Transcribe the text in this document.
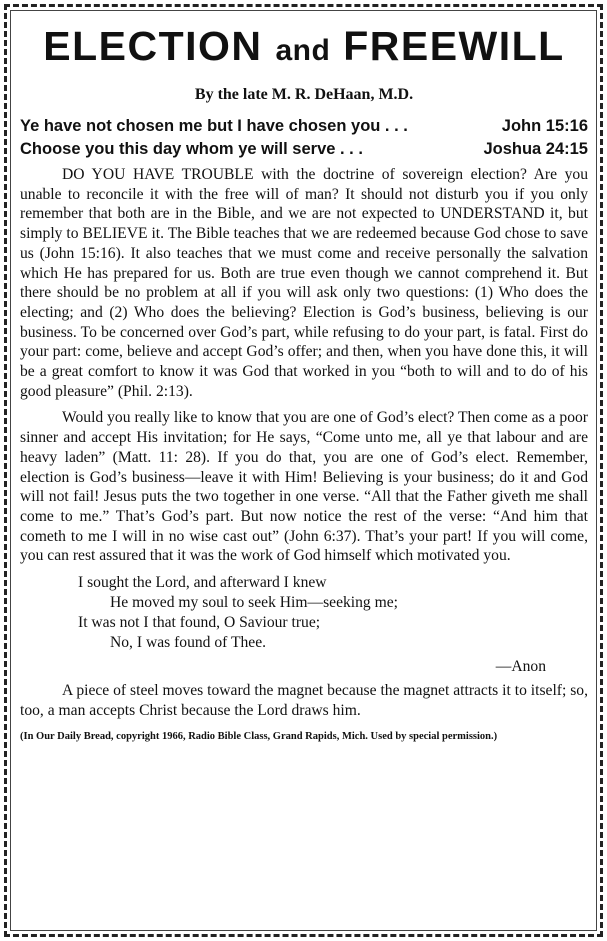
ELECTION and FREEWILL
By the late M. R. DeHaan, M.D.
Ye have not chosen me but I have chosen you . . .	John 15:16
Choose you this day whom ye will serve . . .	Joshua 24:15

DO YOU HAVE TROUBLE with the doctrine of sovereign election? Are you unable to reconcile it with the free will of man? It should not disturb you if you only remember that both are in the Bible, and we are not expected to UNDERSTAND it, but simply to BELIEVE it. The Bible teaches that we are redeemed because God chose to save us (John 15:16). It also teaches that we must come and receive personally the salvation which He has prepared for us. Both are true even though we cannot comprehend it. But there should be no problem at all if you will ask only two questions: (1) Who does the electing; and (2) Who does the believing? Election is God’s business, believing is our business. To be concerned over God’s part, while refusing to do your part, is fatal. First do your part: come, believe and accept God’s offer; and then, when you have done this, it will be a great comfort to know it was God that worked in you “both to will and to do of his good pleasure” (Phil. 2:13).

Would you really like to know that you are one of God’s elect? Then come as a poor sinner and accept His invitation; for He says, “Come unto me, all ye that labour and are heavy laden” (Matt. 11: 28). If you do that, you are one of God’s elect. Remember, election is God’s business—leave it with Him! Believing is your business; do it and God will not fail! Jesus puts the two together in one verse. “All that the Father giveth me shall come to me.” That’s God’s part. But now notice the rest of the verse: “And him that cometh to me I will in no wise cast out” (John 6:37). That’s your part! If you will come, you can rest assured that it was the work of God himself which motivated you.

I sought the Lord, and afterward I knew
He moved my soul to seek Him—seeking me;
It was not I that found, O Saviour true;
No, I was found of Thee.
—Anon

A piece of steel moves toward the magnet because the magnet attracts it to itself; so, too, a man accepts Christ because the Lord draws him.

(In Our Daily Bread, copyright 1966, Radio Bible Class, Grand Rapids, Mich. Used by special permission.)
